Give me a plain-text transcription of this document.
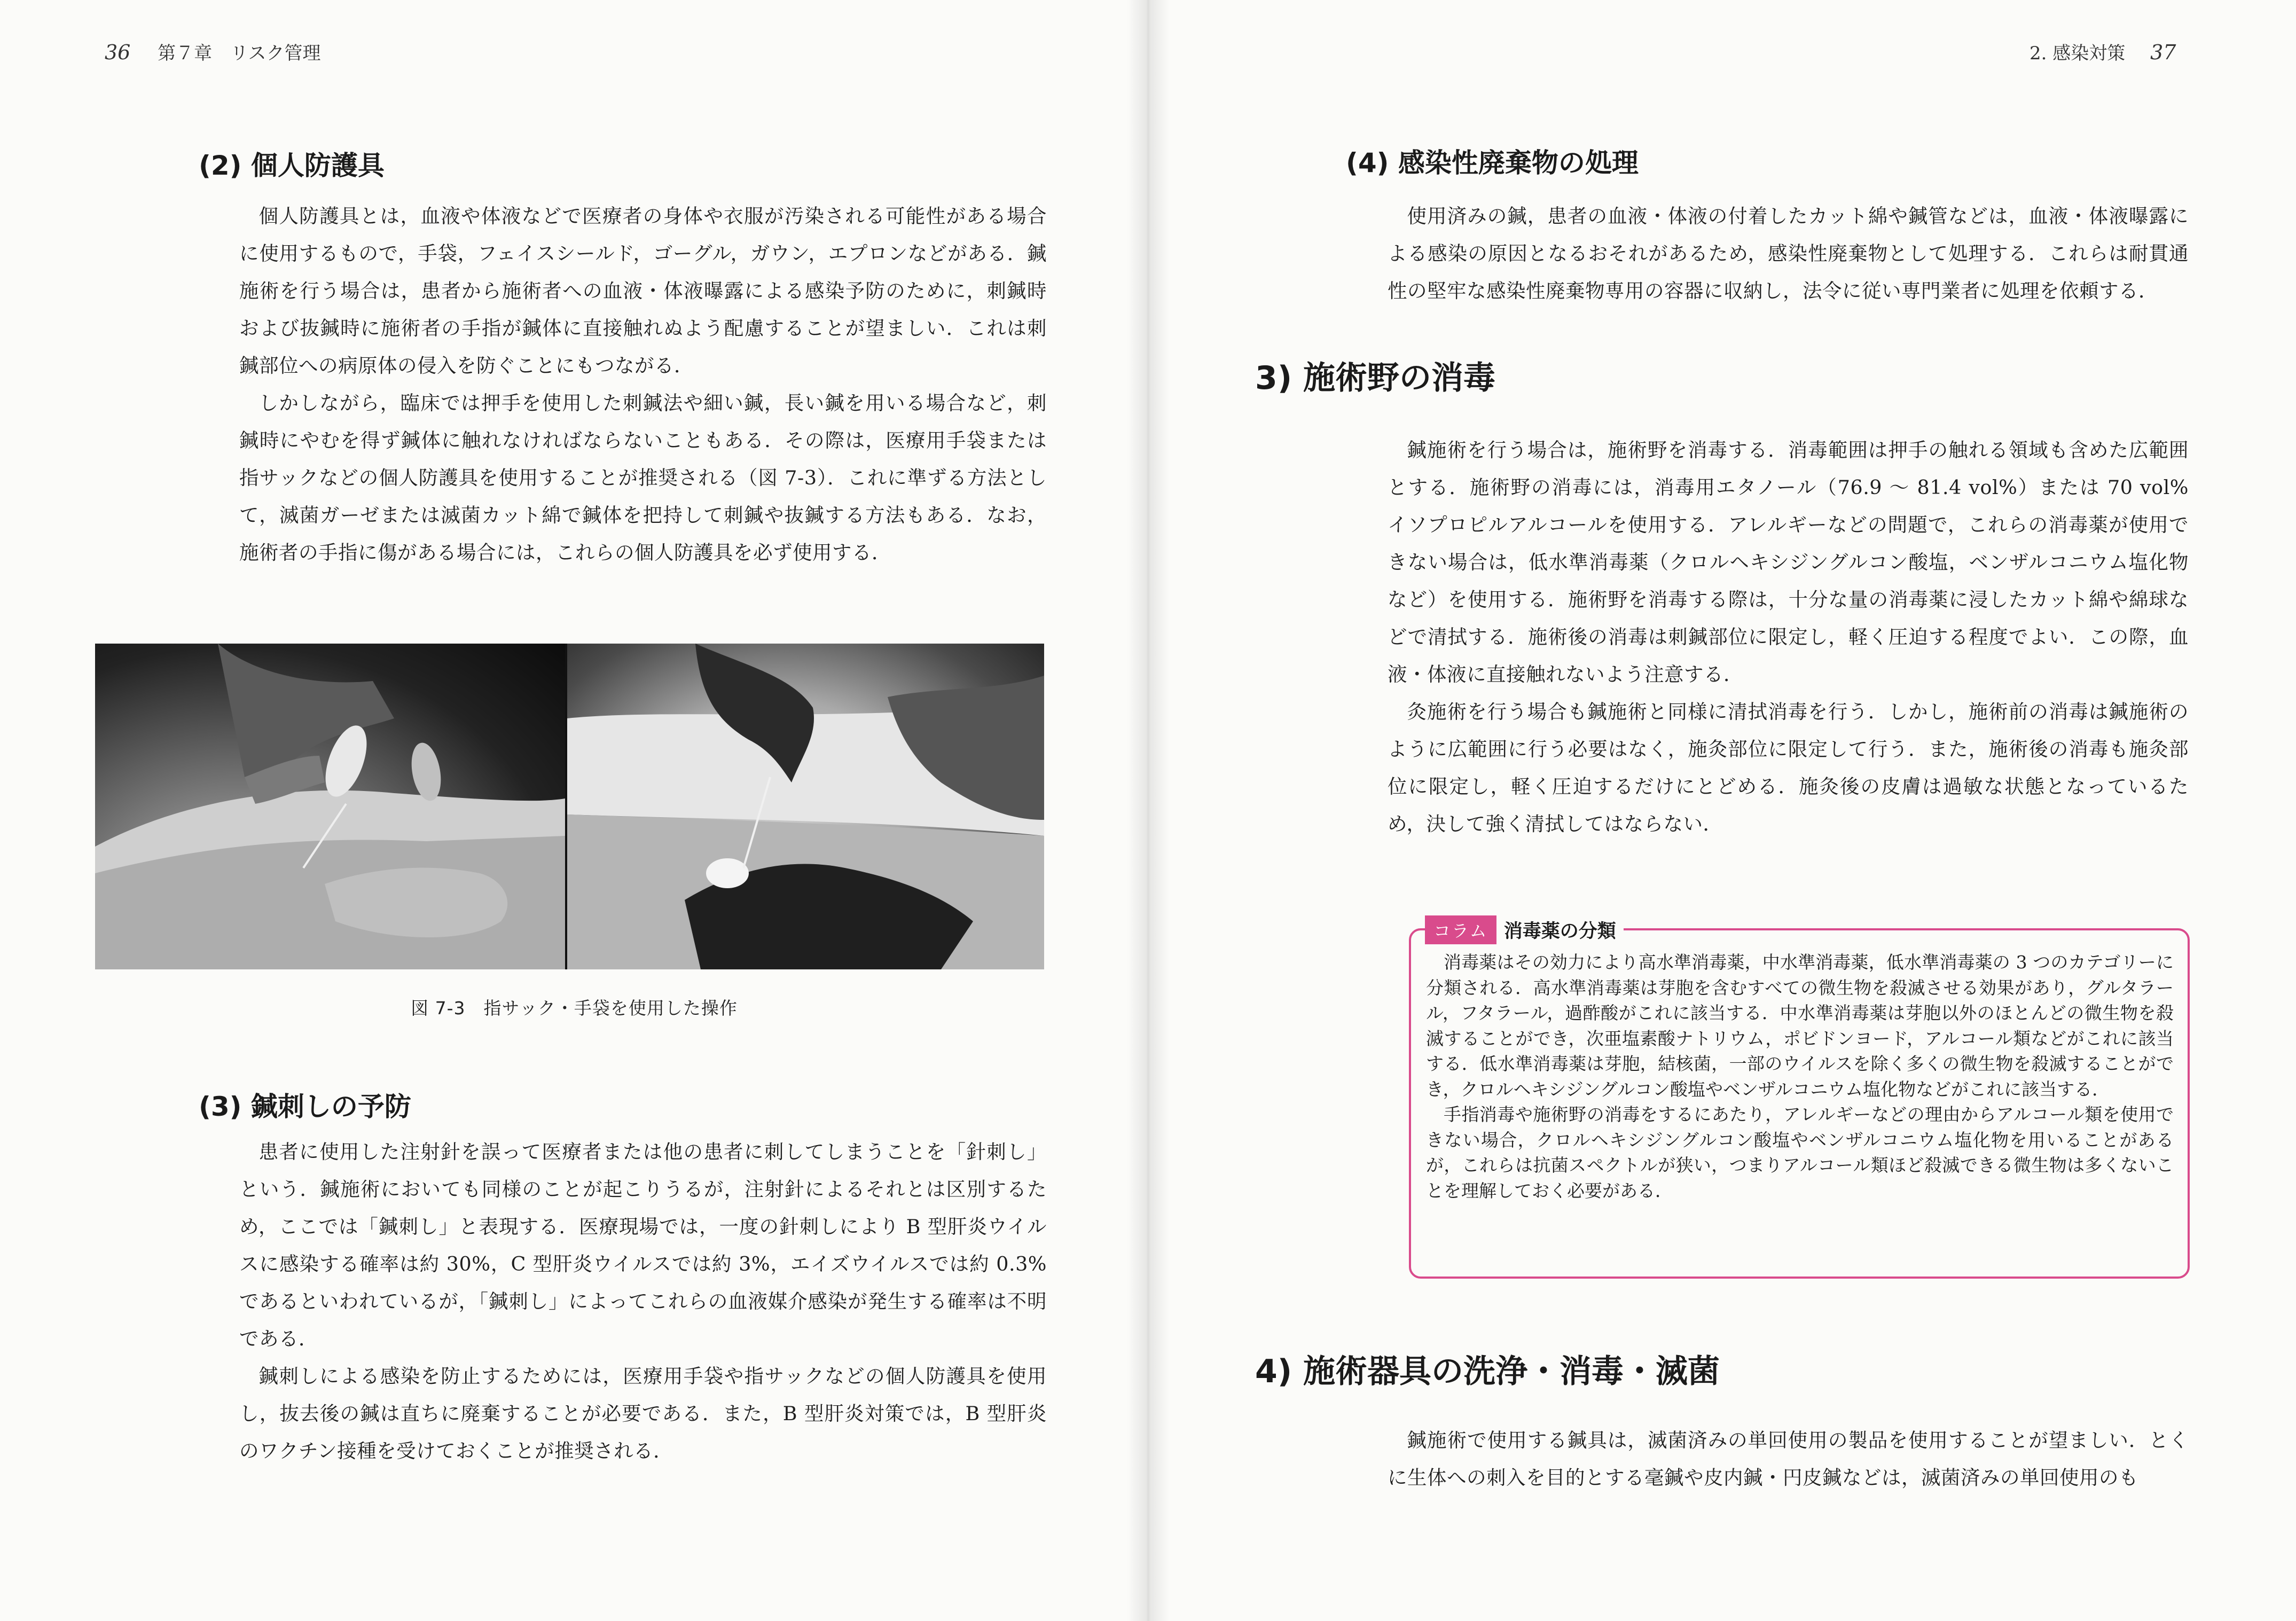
36 第７章　リスク管理
(2) 個人防護具

個人防護具とは，血液や体液などで医療者の身体や衣服が汚染される可能性がある場合に使用するもので，手袋，フェイスシールド，ゴーグル，ガウン，エプロンなどがある．鍼施術を行う場合は，患者から施術者への血液・体液曝露による感染予防のために，刺鍼時および抜鍼時に施術者の手指が鍼体に直接触れぬよう配慮することが望ましい．これは刺鍼部位への病原体の侵入を防ぐことにもつながる．

しかしながら，臨床では押手を使用した刺鍼法や細い鍼，長い鍼を用いる場合など，刺鍼時にやむを得ず鍼体に触れなければならないこともある．その際は，医療用手袋または指サックなどの個人防護具を使用することが推奨される（図 7-3）．これに準ずる方法として，滅菌ガーゼまたは滅菌カット綿で鍼体を把持して刺鍼や抜鍼する方法もある．なお，施術者の手指に傷がある場合には，これらの個人防護具を必ず使用する．

図 7-3　指サック・手袋を使用した操作
(3) 鍼刺しの予防

患者に使用した注射針を誤って医療者または他の患者に刺してしまうことを「針刺し」という．鍼施術においても同様のことが起こりうるが，注射針によるそれとは区別するため，ここでは「鍼刺し」と表現する．医療現場では，一度の針刺しにより B 型肝炎ウイルスに感染する確率は約 30%，C 型肝炎ウイルスでは約 3%，エイズウイルスでは約 0.3% であるといわれているが，「鍼刺し」によってこれらの血液媒介感染が発生する確率は不明である．

鍼刺しによる感染を防止するためには，医療用手袋や指サックなどの個人防護具を使用し，抜去後の鍼は直ちに廃棄することが必要である．また，B 型肝炎対策では，B 型肝炎のワクチン接種を受けておくことが推奨される．

2. 感染対策 37
(4) 感染性廃棄物の処理

使用済みの鍼，患者の血液・体液の付着したカット綿や鍼管などは，血液・体液曝露による感染の原因となるおそれがあるため，感染性廃棄物として処理する．これらは耐貫通性の堅牢な感染性廃棄物専用の容器に収納し，法令に従い専門業者に処理を依頼する．

3) 施術野の消毒

鍼施術を行う場合は，施術野を消毒する．消毒範囲は押手の触れる領域も含めた広範囲とする．施術野の消毒には，消毒用エタノール（76.9 ～ 81.4 vol%）または 70 vol% イソプロピルアルコールを使用する．アレルギーなどの問題で，これらの消毒薬が使用できない場合は，低水準消毒薬（クロルヘキシジングルコン酸塩，ベンザルコニウム塩化物など）を使用する．施術野を消毒する際は，十分な量の消毒薬に浸したカット綿や綿球などで清拭する．施術後の消毒は刺鍼部位に限定し，軽く圧迫する程度でよい．この際，血液・体液に直接触れないよう注意する．

灸施術を行う場合も鍼施術と同様に清拭消毒を行う．しかし，施術前の消毒は鍼施術のように広範囲に行う必要はなく，施灸部位に限定して行う．また，施術後の消毒も施灸部位に限定し，軽く圧迫するだけにとどめる．施灸後の皮膚は過敏な状態となっているため，決して強く清拭してはならない．

コラム 消毒薬の分類

消毒薬はその効力により高水準消毒薬，中水準消毒薬，低水準消毒薬の 3 つのカテゴリーに分類される．高水準消毒薬は芽胞を含むすべての微生物を殺滅させる効果があり，グルタラール，フタラール，過酢酸がこれに該当する．中水準消毒薬は芽胞以外のほとんどの微生物を殺滅することができ，次亜塩素酸ナトリウム，ポビドンヨード，アルコール類などがこれに該当する．低水準消毒薬は芽胞，結核菌，一部のウイルスを除く多くの微生物を殺滅することができ，クロルヘキシジングルコン酸塩やベンザルコニウム塩化物などがこれに該当する．

手指消毒や施術野の消毒をするにあたり，アレルギーなどの理由からアルコール類を使用できない場合，クロルヘキシジングルコン酸塩やベンザルコニウム塩化物を用いることがあるが，これらは抗菌スペクトルが狭い，つまりアルコール類ほど殺滅できる微生物は多くないことを理解しておく必要がある．

4) 施術器具の洗浄・消毒・滅菌

鍼施術で使用する鍼具は，滅菌済みの単回使用の製品を使用することが望ましい．とくに生体への刺入を目的とする毫鍼や皮内鍼・円皮鍼などは，滅菌済みの単回使用のも
